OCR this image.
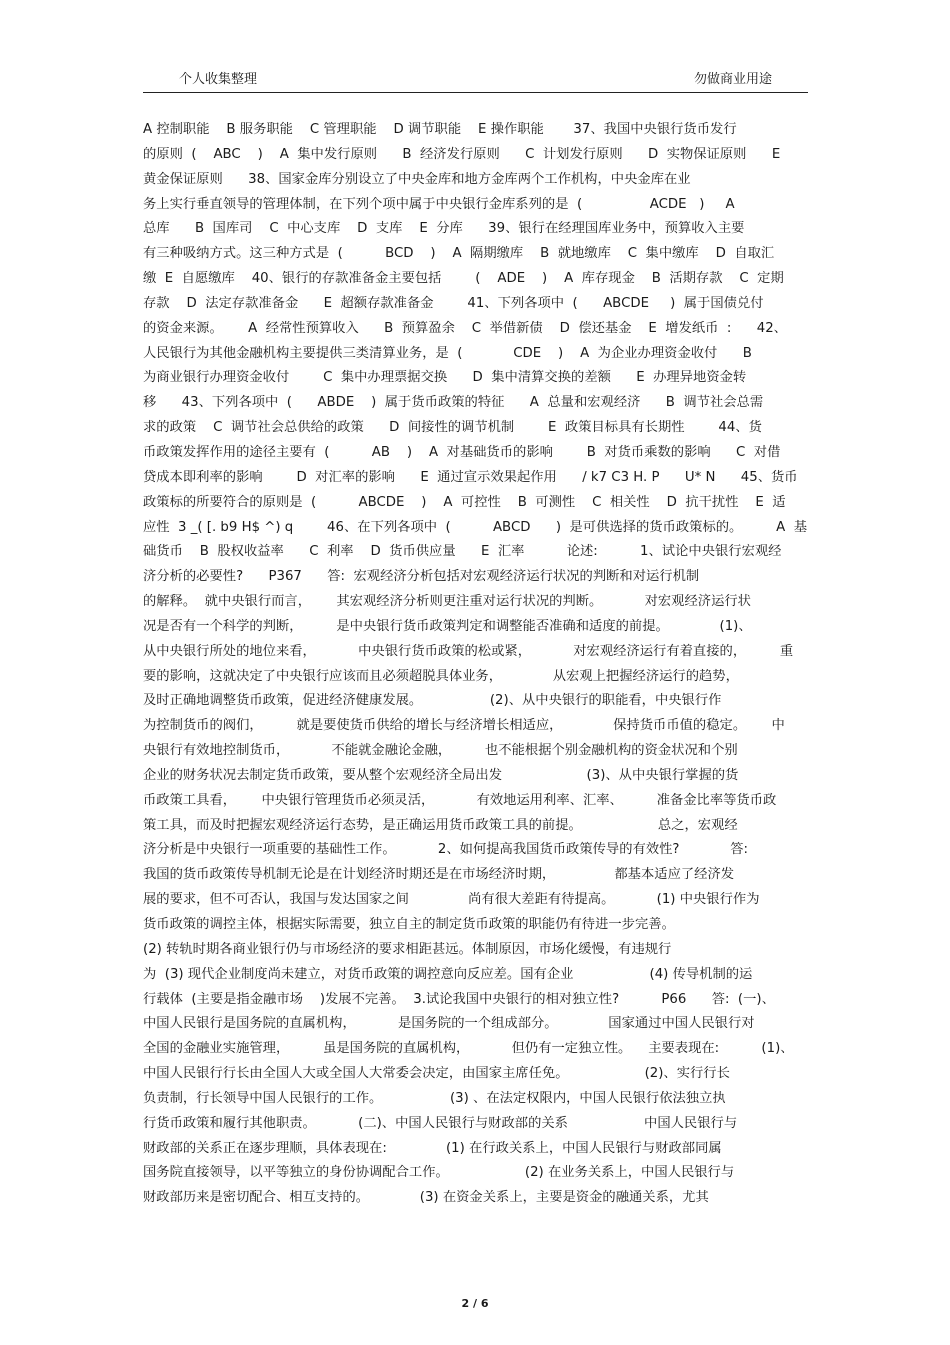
个人收集整理	勿做商业用途
A 控制职能    B 服务职能    C 管理职能    D 调节职能    E 操作职能       37、我国中央银行货币发行
的原则  (    ABC    )    A  集中发行原则      B  经济发行原则      C  计划发行原则      D  实物保证原则      E
黄金保证原则      38、国家金库分别设立了中央金库和地方金库两个工作机构，中央金库在业
务上实行垂直领导的管理体制，在下列个项中属于中央银行金库系列的是  (                ACDE   )     A
总库      B  国库司    C  中心支库    D  支库    E  分库      39、银行在经理国库业务中，预算收入主要
有三种吸纳方式。这三种方式是  (          BCD    )    A  隔期缴库    B  就地缴库    C  集中缴库    D  自取汇
缴  E  自愿缴库    40、银行的存款准备金主要包括        (    ADE    )    A  库存现金    B  活期存款    C  定期
存款    D  法定存款准备金      E  超额存款准备金        41、下列各项中  (      ABCDE     )  属于国债兑付
的资金来源。      A  经常性预算收入      B  预算盈余    C  举借新债    D  偿还基金    E  增发纸币  :      42、
人民银行为其他金融机构主要提供三类清算业务，是  (            CDE    )    A  为企业办理资金收付      B
为商业银行办理资金收付        C  集中办理票据交换      D  集中清算交换的差额      E  办理异地资金转
移      43、下列各项中  (      ABDE    )  属于货币政策的特征      A  总量和宏观经济      B  调节社会总需
求的政策    C  调节社会总供给的政策      D  间接性的调节机制        E  政策目标具有长期性        44、货
币政策发挥作用的途径主要有  (          AB    )    A  对基础货币的影响        B  对货币乘数的影响      C  对借
贷成本即利率的影响        D  对汇率的影响      E  通过宣示效果起作用      / k7 C3 H. P      U* N      45、货币
政策标的所要符合的原则是  (          ABCDE    )    A  可控性    B  可测性    C  相关性    D  抗干扰性    E  适
应性  3 _( [. b9 H$ ^) q        46、在下列各项中  (          ABCD      )  是可供选择的货币政策标的。        A  基
础货币    B  股权收益率      C  利率    D  货币供应量      E  汇率          论述:          1、试论中央银行宏观经
济分析的必要性?      P367      答:  宏观经济分析包括对宏观经济运行状况的判断和对运行机制
的解释。  就中央银行而言，      其宏观经济分析则更注重对运行状况的判断。          对宏观经济运行状
况是否有一个科学的判断，        是中央银行货币政策判定和调整能否准确和适度的前提。            (1)、
从中央银行所处的地位来看，          中央银行货币政策的松或紧，          对宏观经济运行有着直接的，        重
要的影响，这就决定了中央银行应该而且必须超脱具体业务，            从宏观上把握经济运行的趋势，
及时正确地调整货币政策，促进经济健康发展。                (2)、从中央银行的职能看，中央银行作
为控制货币的阀们，        就是要使货币供给的增长与经济增长相适应，            保持货币币值的稳定。      中
央银行有效地控制货币，          不能就金融论金融，        也不能根据个别金融机构的资金状况和个别
企业的财务状况去制定货币政策，要从整个宏观经济全局出发                    (3)、从中央银行掌握的货
币政策工具看，      中央银行管理货币必须灵活，          有效地运用利率、汇率、        准备金比率等货币政
策工具，而及时把握宏观经济运行态势，是正确运用货币政策工具的前提。                  总之，宏观经
济分析是中央银行一项重要的基础性工作。          2、如何提高我国货币政策传导的有效性?            答:
我国的货币政策传导机制无论是在计划经济时期还是在市场经济时期，              都基本适应了经济发
展的要求，但不可否认，我国与发达国家之间              尚有很大差距有待提高。          (1) 中央银行作为
货币政策的调控主体，根据实际需要，独立自主的制定货币政策的职能仍有待进一步完善。
(2) 转轨时期各商业银行仍与市场经济的要求相距甚远。体制原因，市场化缓慢，有违规行
为  (3) 现代企业制度尚未建立，对货币政策的调控意向反应差。国有企业                  (4) 传导机制的运
行载体  (主要是指金融市场    )发展不完善。  3.试论我国中央银行的相对独立性?          P66      答:  (一)、
中国人民银行是国务院的直属机构，          是国务院的一个组成部分。            国家通过中国人民银行对
全国的金融业实施管理，        虽是国务院的直属机构，          但仍有一定独立性。    主要表现在:          (1)、
中国人民银行行长由全国人大或全国人大常委会决定，由国家主席任免。                  (2)、实行行长
负责制，行长领导中国人民银行的工作。                (3) 、在法定权限内，中国人民银行依法独立执
行货币政策和履行其他职责。          (二)、中国人民银行与财政部的关系                  中国人民银行与
财政部的关系正在逐步理顺，具体表现在:              (1) 在行政关系上，中国人民银行与财政部同属
国务院直接领导，以平等独立的身份协调配合工作。                  (2) 在业务关系上，中国人民银行与
财政部历来是密切配合、相互支持的。            (3) 在资金关系上，主要是资金的融通关系，尤其
2 / 6
